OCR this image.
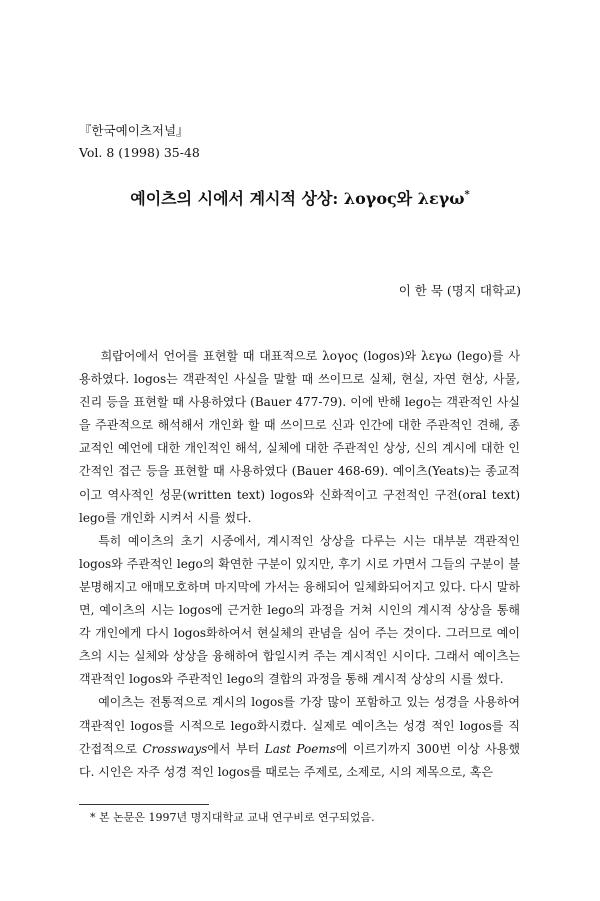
『한국예이츠저널』
Vol. 8 (1998) 35-48
예이츠의 시에서 계시적 상상: λογος와 λεγω*
이 한 묵 (명지 대학교)

희랍어에서 언어를 표현할 때 대표적으로 λογος (logos)와 λεγω (lego)를 사용하였다. logos는 객관적인 사실을 말할 때 쓰이므로 실체, 현실, 자연 현상, 사물, 진리 등을 표현할 때 사용하였다 (Bauer 477-79). 이에 반해 lego는 객관적인 사실을 주관적으로 해석해서 개인화 할 때 쓰이므로 신과 인간에 대한 주관적인 견해, 종교적인 예언에 대한 개인적인 해석, 실체에 대한 주관적인 상상, 신의 계시에 대한 인간적인 접근 등을 표현할 때 사용하였다 (Bauer 468-69). 예이츠(Yeats)는 종교적이고 역사적인 성문(written text) logos와 신화적이고 구전적인 구전(oral text) lego를 개인화 시켜서 시를 썼다.

특히 예이츠의 초기 시중에서, 계시적인 상상을 다루는 시는 대부분 객관적인 logos와 주관적인 lego의 확연한 구분이 있지만, 후기 시로 가면서 그들의 구분이 불분명해지고 애매모호하며 마지막에 가서는 융해되어 일체화되어지고 있다. 다시 말하면, 예이츠의 시는 logos에 근거한 lego의 과정을 거쳐 시인의 계시적 상상을 통해 각 개인에게 다시 logos화하여서 현실체의 관념을 심어 주는 것이다. 그러므로 예이츠의 시는 실체와 상상을 융해하여 합일시켜 주는 계시적인 시이다. 그래서 예이츠는 객관적인 logos와 주관적인 lego의 결합의 과정을 통해 계시적 상상의 시를 썼다.

예이츠는 전통적으로 계시의 logos를 가장 많이 포함하고 있는 성경을 사용하여 객관적인 logos를 시적으로 lego화시켰다. 실제로 예이츠는 성경 적인 logos를 직간접적으로 Crossways에서 부터 Last Poems에 이르기까지 300번 이상 사용했다. 시인은 자주 성경 적인 logos를 때로는 주제로, 소제로, 시의 제목으로, 혹은

* 본 논문은 1997년 명지대학교 교내 연구비로 연구되었음.
